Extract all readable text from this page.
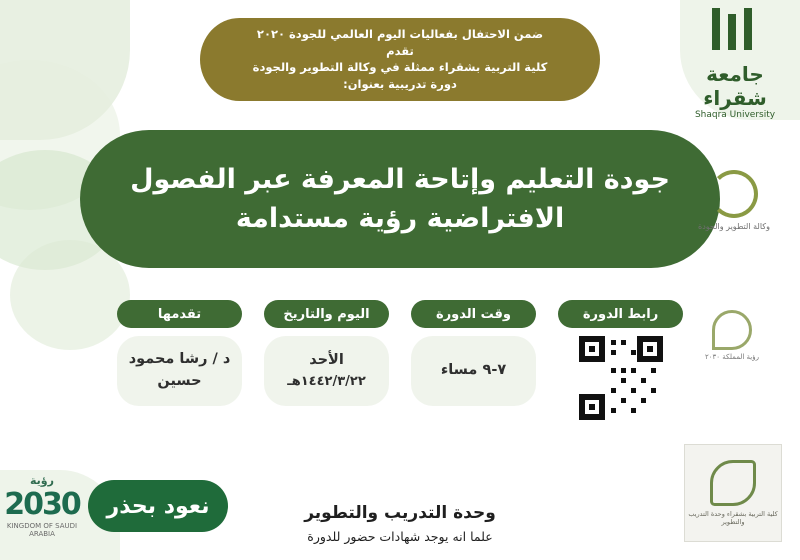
ضمن الاحتفال بفعاليات اليوم العالمي للجودة ٢٠٢٠
تقدم
كلية التربية بشقراء ممثلة في وكالة التطوير والجودة
دورة تدريبية بعنوان:
جودة التعليم وإتاحة المعرفة عبر الفصول
الافتراضية رؤية مستدامة
تقدمها
د / رشا محمود حسين
اليوم والتاريخ
الأحد
١٤٤٢/٣/٢٢هـ
وقت الدورة
٧-٩ مساء
رابط الدورة
جامعة شقراء
Shaqra University
وكالة التطوير والجودة
رؤية المملكة ٢٠٣٠
كلية التربية بشقراء وحدة التدريب والتطوير
وحدة التدريب والتطوير
علما انه يوجد شهادات حضور للدورة
نعود بحذر
رؤية
2030
KINGDOM OF SAUDI ARABIA
